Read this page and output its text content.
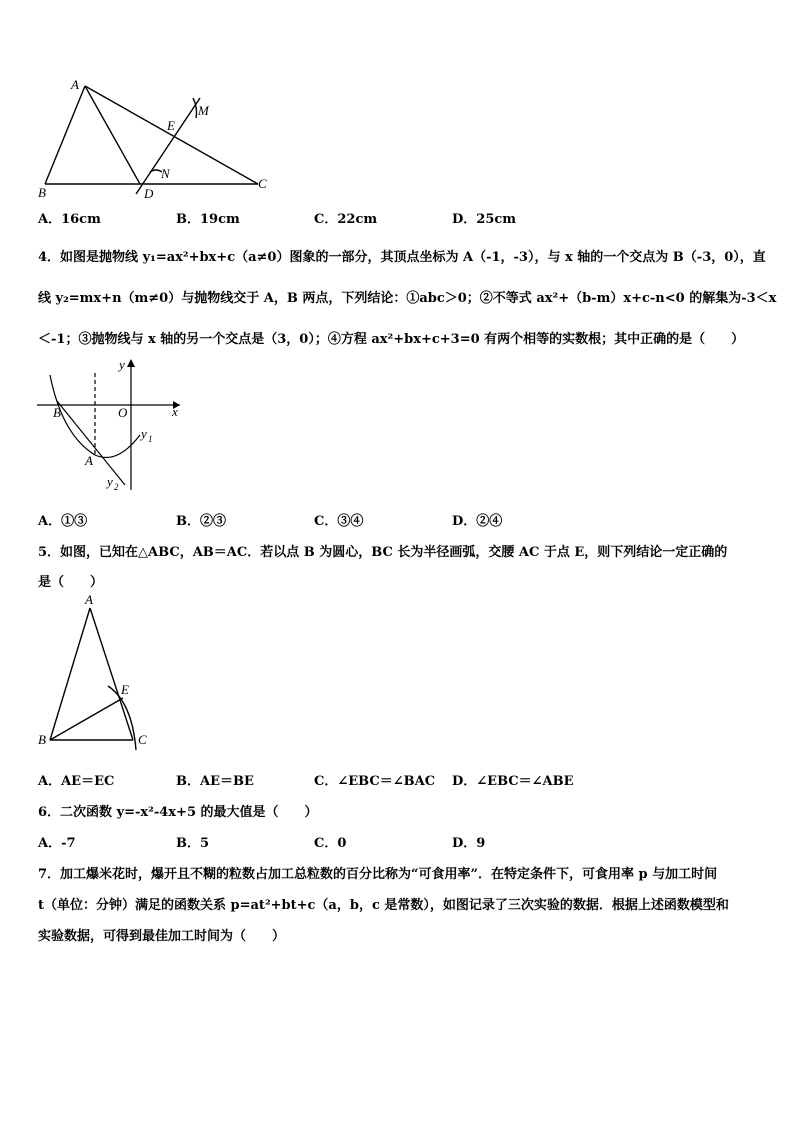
A
B	D
C
E
M
N
A．16cm	B．19cm	C．22cm	D．25cm
4．如图是抛物线 y₁=ax²+bx+c（a≠0）图象的一部分，其顶点坐标为 A（-1，-3），与 x 轴的一个交点为 B（-3，0），直
线 y₂=mx+n（m≠0）与抛物线交于 A，B 两点，下列结论：①abc＞0；②不等式 ax²+（b-m）x+c-n<0 的解集为-3＜x
＜-1；③抛物线与 x 轴的另一个交点是（3，0）；④方程 ax²+bx+c+3=0 有两个相等的实数根；其中正确的是（　　）
y
x
O
B
A
y 1
y 2
A．①③	B．②③	C．③④	D．②④
5．如图，已知在△ABC，AB＝AC．若以点 B 为圆心，BC 长为半径画弧，交腰 AC 于点 E，则下列结论一定正确的
是（　　）
A
B	C
E
A．AE＝EC	B．AE＝BE	C．∠EBC＝∠BAC D．∠EBC＝∠ABE
6．二次函数 y=-x²-4x+5 的最大值是（　　）
A．-7	B．5	C．0	D．9
7．加工爆米花时，爆开且不糊的粒数占加工总粒数的百分比称为“可食用率”．在特定条件下，可食用率 p 与加工时间
t（单位：分钟）满足的函数关系 p=at²+bt+c（a，b，c 是常数），如图记录了三次实验的数据．根据上述函数模型和
实验数据，可得到最佳加工时间为（　　）
